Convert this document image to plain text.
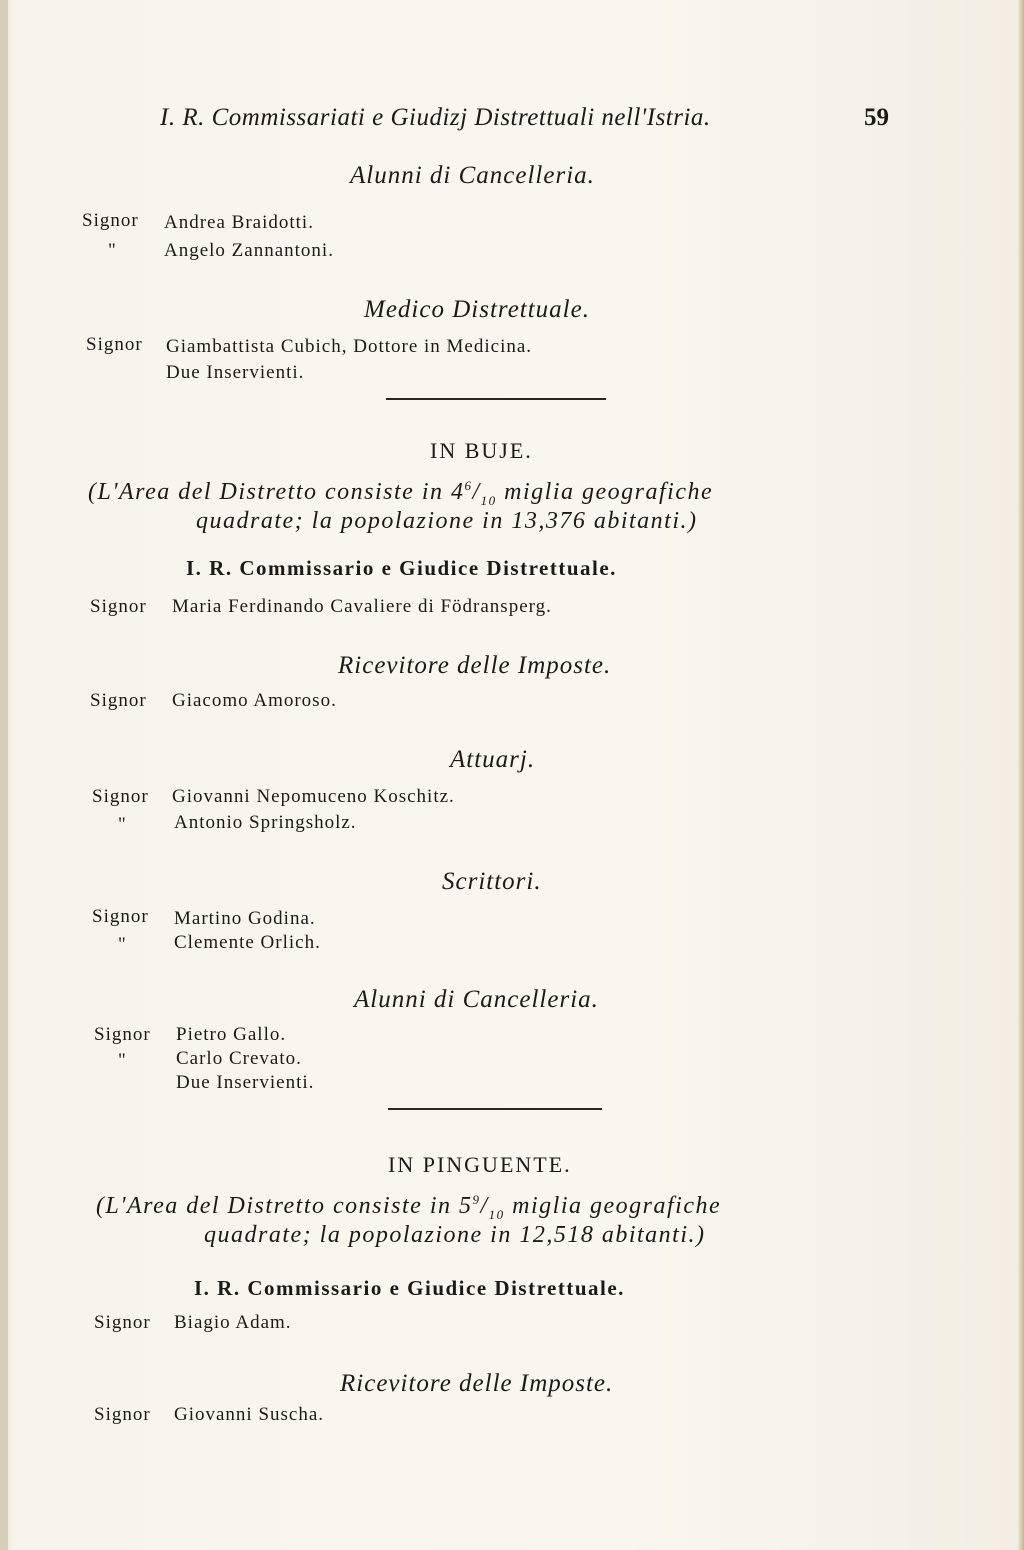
I. R. Commissariati e Giudizj Distrettuali nell'Istria.	59
Alunni di Cancelleria.
Signor Andrea Braidotti.
" Angelo Zannantoni.
Medico Distrettuale.
Signor Giambattista Cubich, Dottore in Medicina.
Due Inservienti.
IN BUJE.
(L'Area del Distretto consiste in $4^6/_{10}$ miglia geografiche
quadrate; la popolazione in 13,376 abitanti.)
I. R. Commissario e Giudice Distrettuale.
Signor Maria Ferdinando Cavaliere di Födransperg.
Ricevitore delle Imposte.
Signor Giacomo Amoroso.
Attuarj.
Signor Giovanni Nepomuceno Koschitz.
" Antonio Springsholz.
Scrittori.
Signor Martino Godina.
" Clemente Orlich.
Alunni di Cancelleria.
Signor Pietro Gallo.
"	Carlo Crevato.
Due Inservienti.
IN PINGUENTE.
(L'Area del Distretto consiste in $5^9/_{10}$ miglia geografiche
quadrate; la popolazione in 12,518 abitanti.)
I. R. Commissario e Giudice Distrettuale.
Signor Biagio Adam.
Ricevitore delle Imposte.
Signor Giovanni Suscha.
